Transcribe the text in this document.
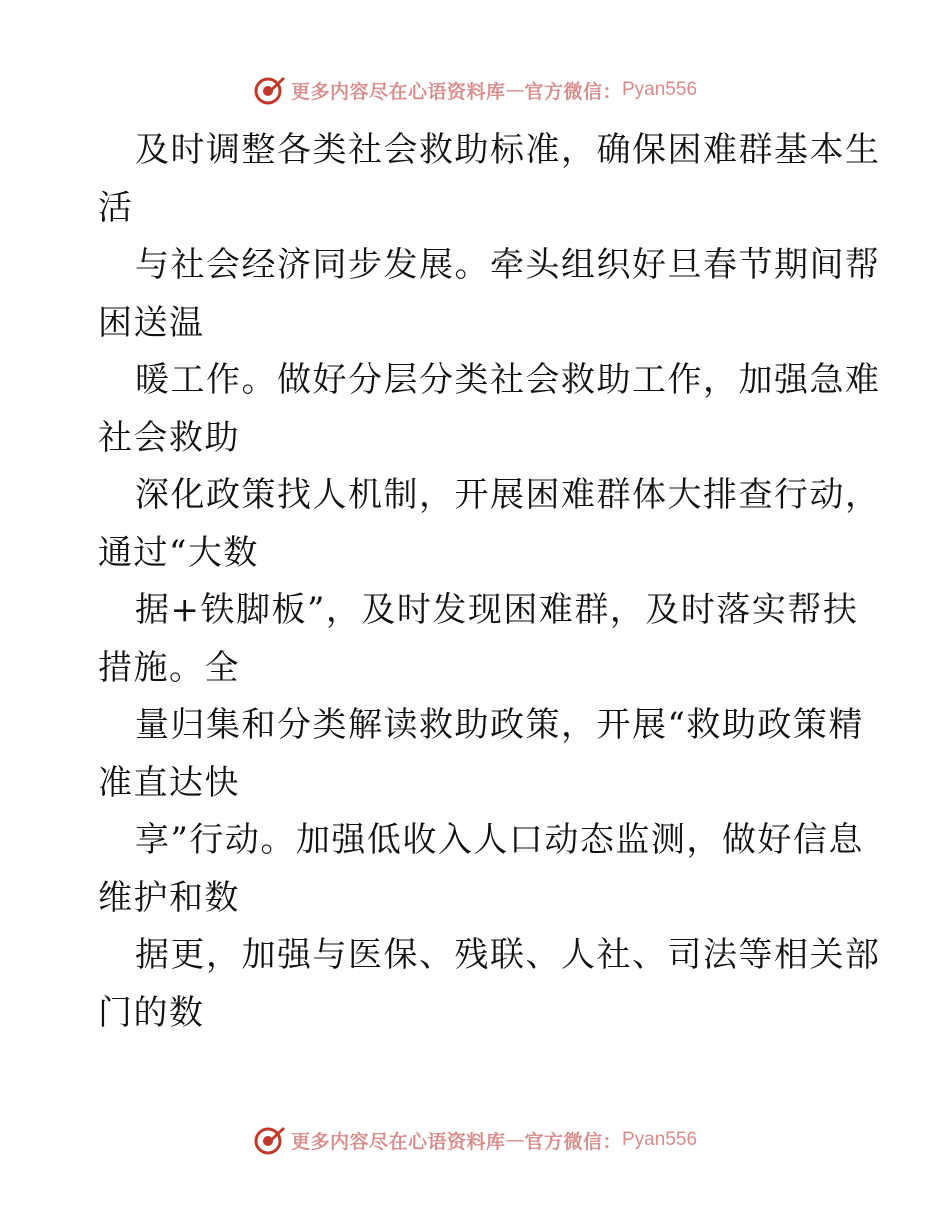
更多内容尽在心语资料库 — 官方微信： Pyan556
及时调整各类社会救助标准，确保困难群基本生
活
与社会经济同步发展。牵头组织好旦春节期间帮
困送温
暖工作。做好分层分类社会救助工作，加强急难
社会救助
深化政策找人机制，开展困难群体大排查行动，
通过“大数
据+铁脚板”，及时发现困难群，及时落实帮扶
措施。全
量归集和分类解读救助政策，开展“救助政策精
准直达快
享”行动。加强低收入人口动态监测，做好信息
维护和数
据更，加强与医保、残联、人社、司法等相关部
门的数
更多内容尽在心语资料库 — 官方微信： Pyan556
